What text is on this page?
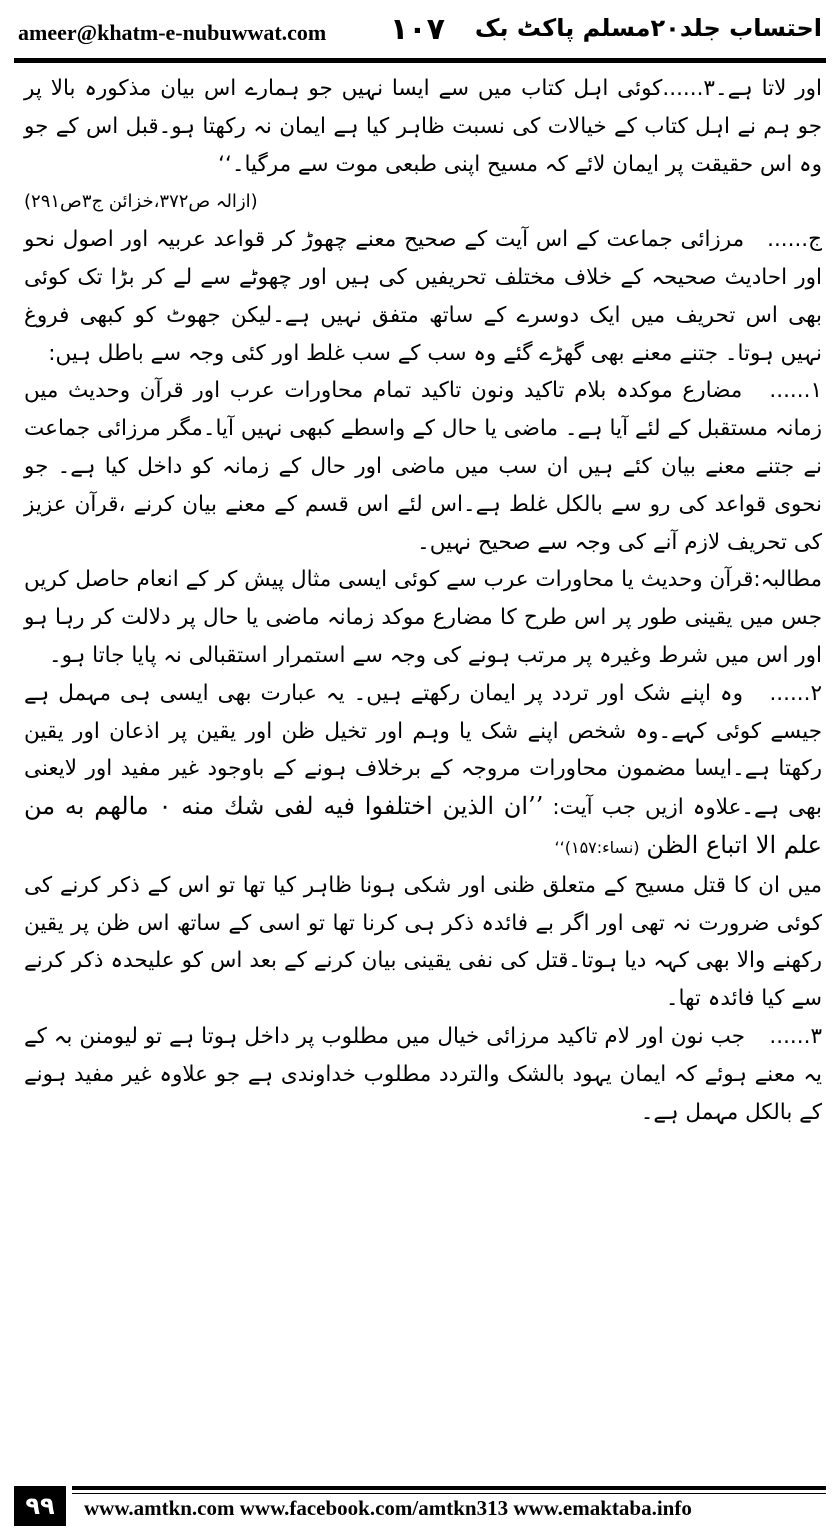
ameer@khatm-e-nubuwwat.com ۱۰۷ احتساب جلد۲۰مسلم پاکٹ بک

اور لاتا ہے۔۳......کوئی اہل کتاب میں سے ایسا نہیں جو ہمارے اس بیان مذکورہ بالا پر جو ہم نے اہل کتاب کے خیالات کی نسبت ظاہر کیا ہے ایمان نہ رکھتا ہو۔قبل اس کے جو وہ اس حقیقت پر ایمان لائے کہ مسیح اپنی طبعی موت سے مرگیا۔‘‘
(ازالہ ص۳۷۲،خزائن ج۳ص۲۹۱)

ج...... مرزائی جماعت کے اس آیت کے صحیح معنے چھوڑ کر قواعد عربیہ اور اصول نحو اور احادیث صحیحہ کے خلاف مختلف تحریفیں کی ہیں اور چھوٹے سے لے کر بڑا تک کوئی بھی اس تحریف میں ایک دوسرے کے ساتھ متفق نہیں ہے۔لیکن جھوٹ کو کبھی فروغ نہیں ہوتا۔ جتنے معنے بھی گھڑے گئے وہ سب کے سب غلط اور کئی وجہ سے باطل ہیں:

۱...... مضارع موکدہ بلام تاکید ونون تاکید تمام محاورات عرب اور قرآن وحدیث میں زمانہ مستقبل کے لئے آیا ہے۔ ماضی یا حال کے واسطے کبھی نہیں آیا۔مگر مرزائی جماعت نے جتنے معنے بیان کئے ہیں ان سب میں ماضی اور حال کے زمانہ کو داخل کیا ہے۔ جو نحوی قواعد کی رو سے بالکل غلط ہے۔اس لئے اس قسم کے معنے بیان کرنے ،قرآن عزیز کی تحریف لازم آنے کی وجہ سے صحیح نہیں۔

مطالبہ:قرآن وحدیث یا محاورات عرب سے کوئی ایسی مثال پیش کر کے انعام حاصل کریں جس میں یقینی طور پر اس طرح کا مضارع موکد زمانہ ماضی یا حال پر دلالت کر رہا ہو اور اس میں شرط وغیرہ پر مرتب ہونے کی وجہ سے استمرار استقبالی نہ پایا جاتا ہو۔

۲...... وہ اپنے شک اور تردد پر ایمان رکھتے ہیں۔ یہ عبارت بھی ایسی ہی مہمل ہے جیسے کوئی کہے۔وہ شخص اپنے شک یا وہم اور تخیل ظن اور یقین پر اذعان اور یقین رکھتا ہے۔ایسا مضمون محاورات مروجہ کے برخلاف ہونے کے باوجود غیر مفید اور لایعنی بھی ہے۔علاوہ ازیں جب آیت: ’’ان الذین اختلفوا فیه لفی شك منه ۰ مالهم به من علم الا اتباع الظن (نساء:۱۵۷)‘‘

میں ان کا قتل مسیح کے متعلق ظنی اور شکی ہونا ظاہر کیا تھا تو اس کے ذکر کرنے کی کوئی ضرورت نہ تھی اور اگر بے فائدہ ذکر ہی کرنا تھا تو اسی کے ساتھ اس ظن پر یقین رکھنے والا بھی کہہ دیا ہوتا۔قتل کی نفی یقینی بیان کرنے کے بعد اس کو علیحدہ ذکر کرنے سے کیا فائدہ تھا۔

۳...... جب نون اور لام تاکید مرزائی خیال میں مطلوب پر داخل ہوتا ہے تو لیومنن بہ کے یہ معنے ہوئے کہ ایمان یہود بالشک والتردد مطلوب خداوندی ہے جو علاوہ غیر مفید ہونے کے بالکل مہمل ہے۔

۹۹	www.amtkn.com www.facebook.com/amtkn313 www.emaktaba.info
